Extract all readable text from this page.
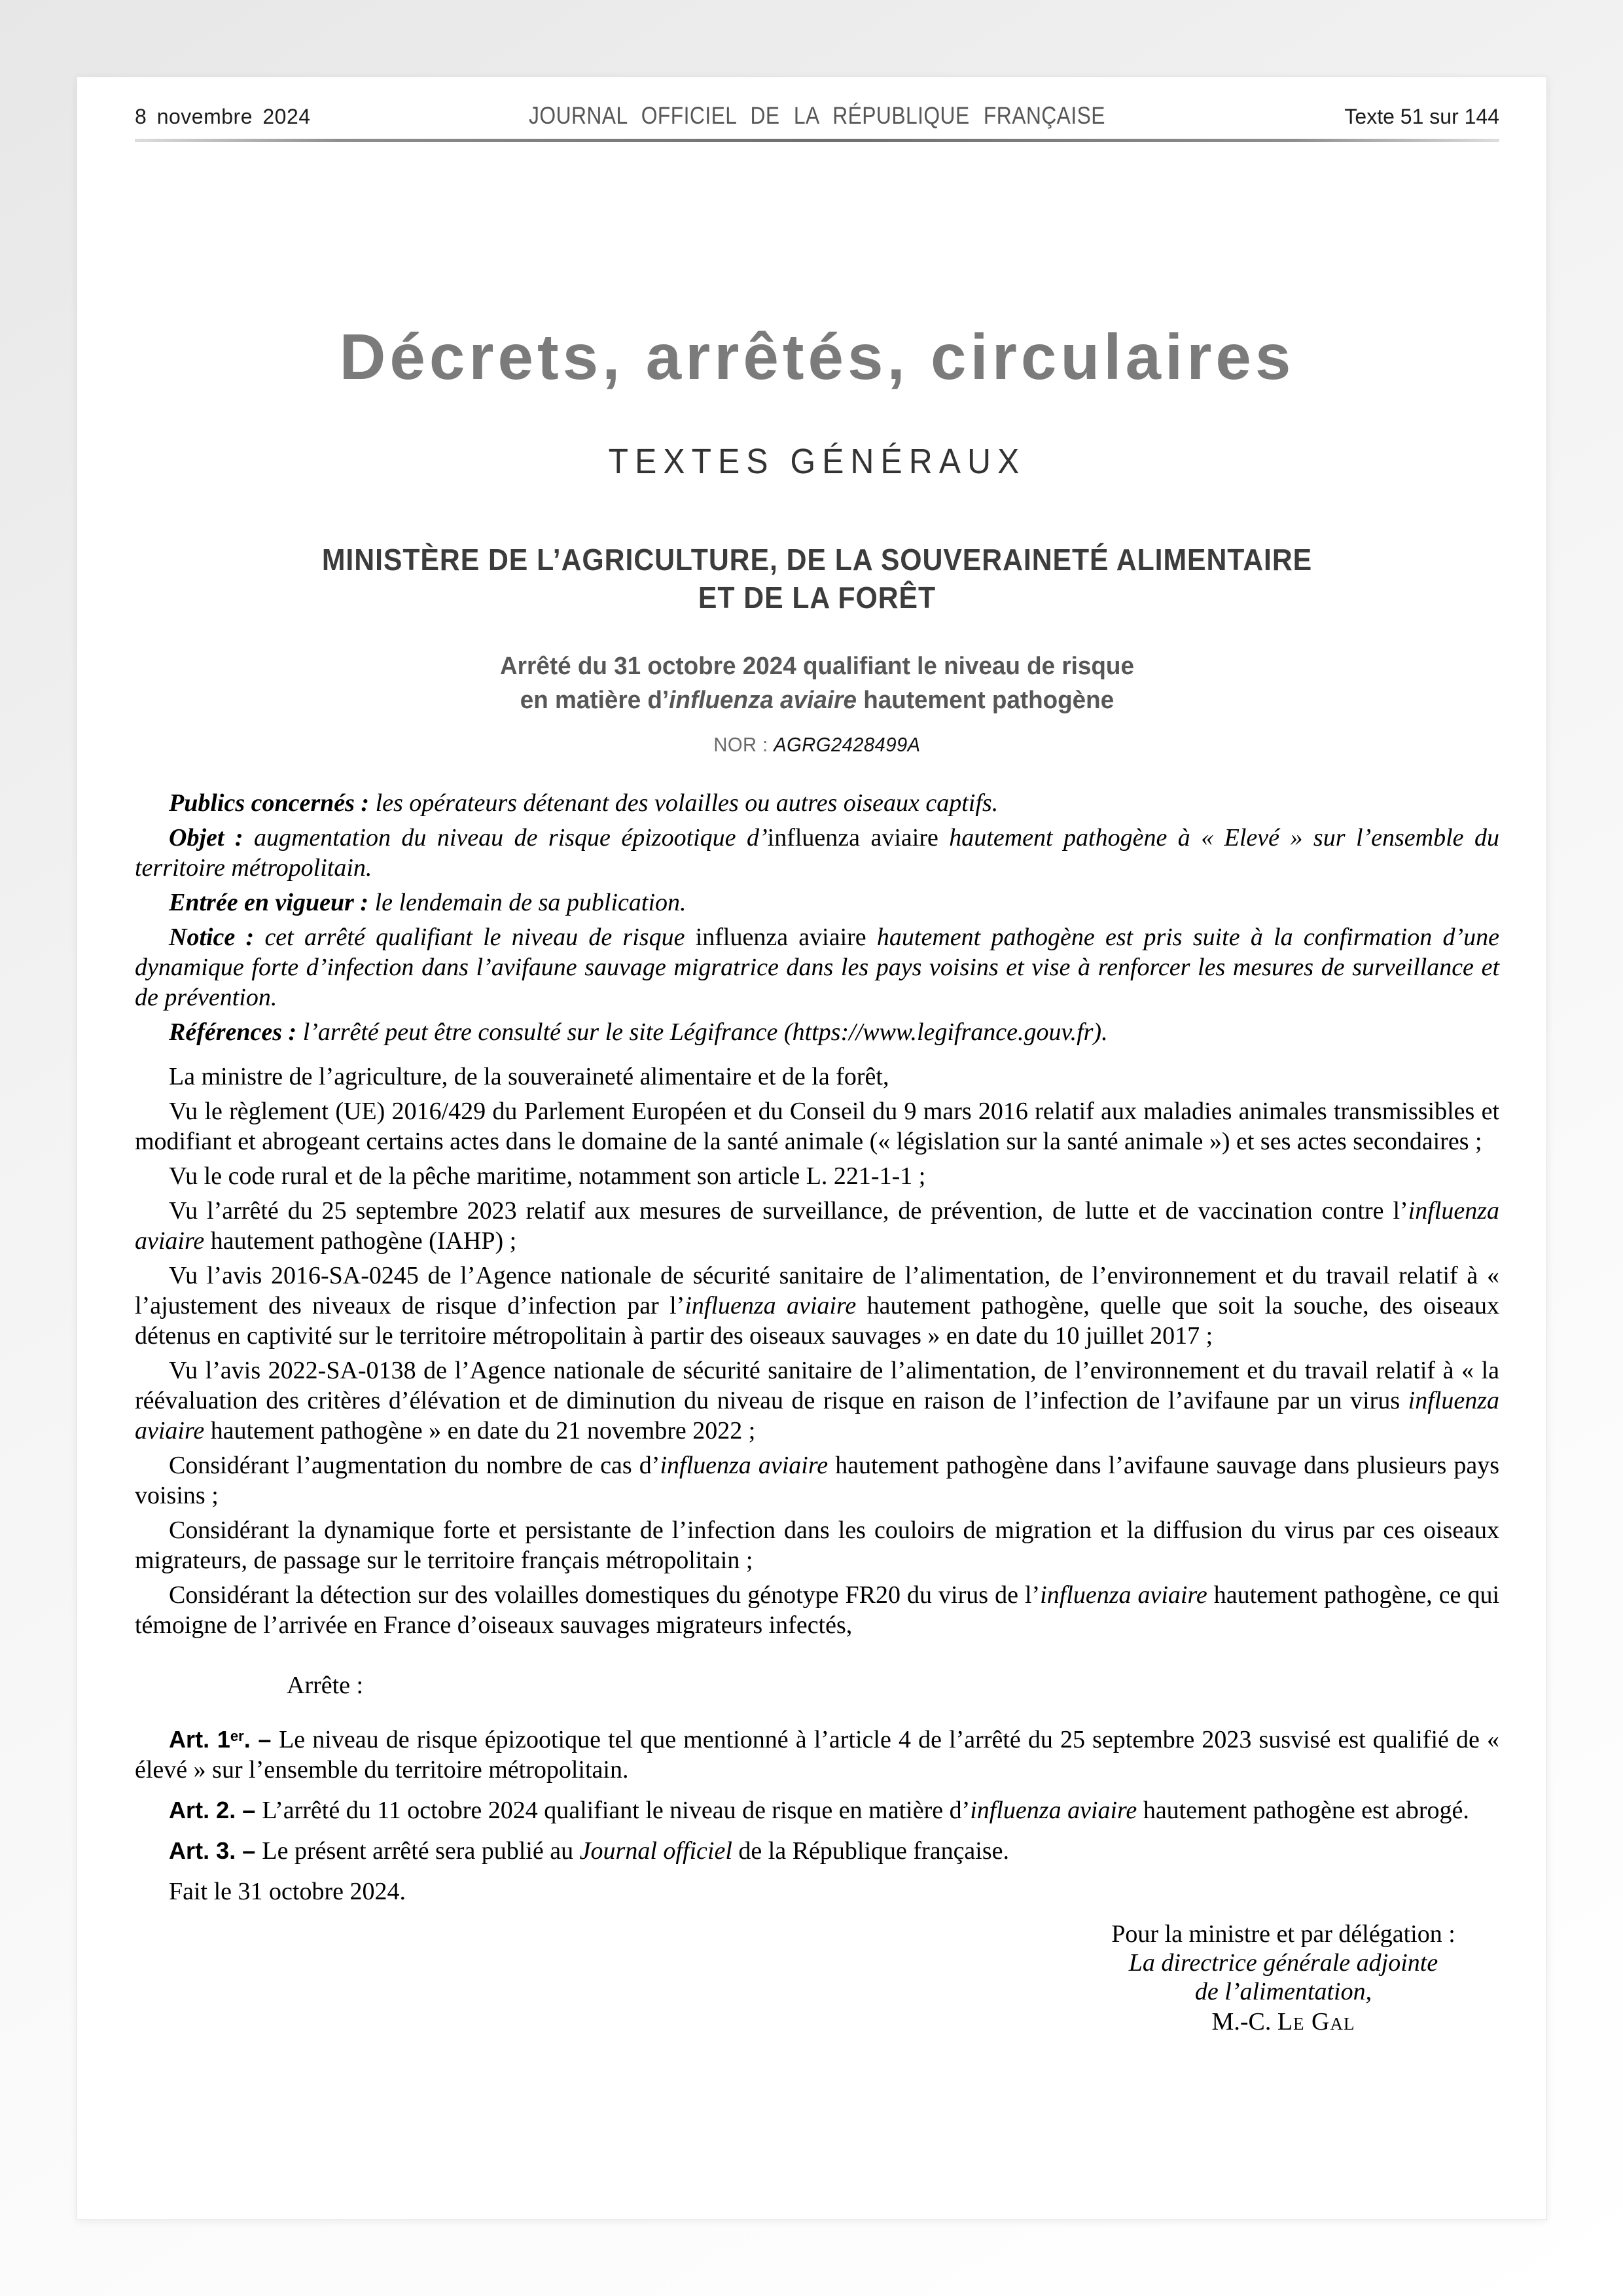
8 novembre 2024	JOURNAL OFFICIEL DE LA RÉPUBLIQUE FRANÇAISE	Texte 51 sur 144
Décrets, arrêtés, circulaires
TEXTES GÉNÉRAUX
MINISTÈRE DE L’AGRICULTURE, DE LA SOUVERAINETÉ ALIMENTAIRE
ET DE LA FORÊT
Arrêté du 31 octobre 2024 qualifiant le niveau de risque
en matière d’influenza aviaire hautement pathogène
NOR : AGRG2428499A

Publics concernés : les opérateurs détenant des volailles ou autres oiseaux captifs.

Objet : augmentation du niveau de risque épizootique d’influenza aviaire hautement pathogène à « Elevé » sur l’ensemble du territoire métropolitain.

Entrée en vigueur : le lendemain de sa publication.

Notice : cet arrêté qualifiant le niveau de risque influenza aviaire hautement pathogène est pris suite à la confirmation d’une dynamique forte d’infection dans l’avifaune sauvage migratrice dans les pays voisins et vise à renforcer les mesures de surveillance et de prévention.

Références : l’arrêté peut être consulté sur le site Légifrance (https://www.legifrance.gouv.fr).

La ministre de l’agriculture, de la souveraineté alimentaire et de la forêt,

Vu le règlement (UE) 2016/429 du Parlement Européen et du Conseil du 9 mars 2016 relatif aux maladies animales transmissibles et modifiant et abrogeant certains actes dans le domaine de la santé animale (« législation sur la santé animale ») et ses actes secondaires ;

Vu le code rural et de la pêche maritime, notamment son article L. 221-1-1 ;

Vu l’arrêté du 25 septembre 2023 relatif aux mesures de surveillance, de prévention, de lutte et de vaccination contre l’influenza aviaire hautement pathogène (IAHP) ;

Vu l’avis 2016-SA-0245 de l’Agence nationale de sécurité sanitaire de l’alimentation, de l’environnement et du travail relatif à « l’ajustement des niveaux de risque d’infection par l’influenza aviaire hautement pathogène, quelle que soit la souche, des oiseaux détenus en captivité sur le territoire métropolitain à partir des oiseaux sauvages » en date du 10 juillet 2017 ;

Vu l’avis 2022-SA-0138 de l’Agence nationale de sécurité sanitaire de l’alimentation, de l’environnement et du travail relatif à « la réévaluation des critères d’élévation et de diminution du niveau de risque en raison de l’infection de l’avifaune par un virus influenza aviaire hautement pathogène » en date du 21 novembre 2022 ;

Considérant l’augmentation du nombre de cas d’influenza aviaire hautement pathogène dans l’avifaune sauvage dans plusieurs pays voisins ;

Considérant la dynamique forte et persistante de l’infection dans les couloirs de migration et la diffusion du virus par ces oiseaux migrateurs, de passage sur le territoire français métropolitain ;

Considérant la détection sur des volailles domestiques du génotype FR20 du virus de l’influenza aviaire hautement pathogène, ce qui témoigne de l’arrivée en France d’oiseaux sauvages migrateurs infectés,

Arrête :

Art. 1er. – Le niveau de risque épizootique tel que mentionné à l’article 4 de l’arrêté du 25 septembre 2023 susvisé est qualifié de « élevé » sur l’ensemble du territoire métropolitain.

Art. 2. – L’arrêté du 11 octobre 2024 qualifiant le niveau de risque en matière d’influenza aviaire hautement pathogène est abrogé.

Art. 3. – Le présent arrêté sera publié au Journal officiel de la République française.

Fait le 31 octobre 2024.

Pour la ministre et par délégation :
La directrice générale adjointe
de l’alimentation,
M.-C. Le Gal
